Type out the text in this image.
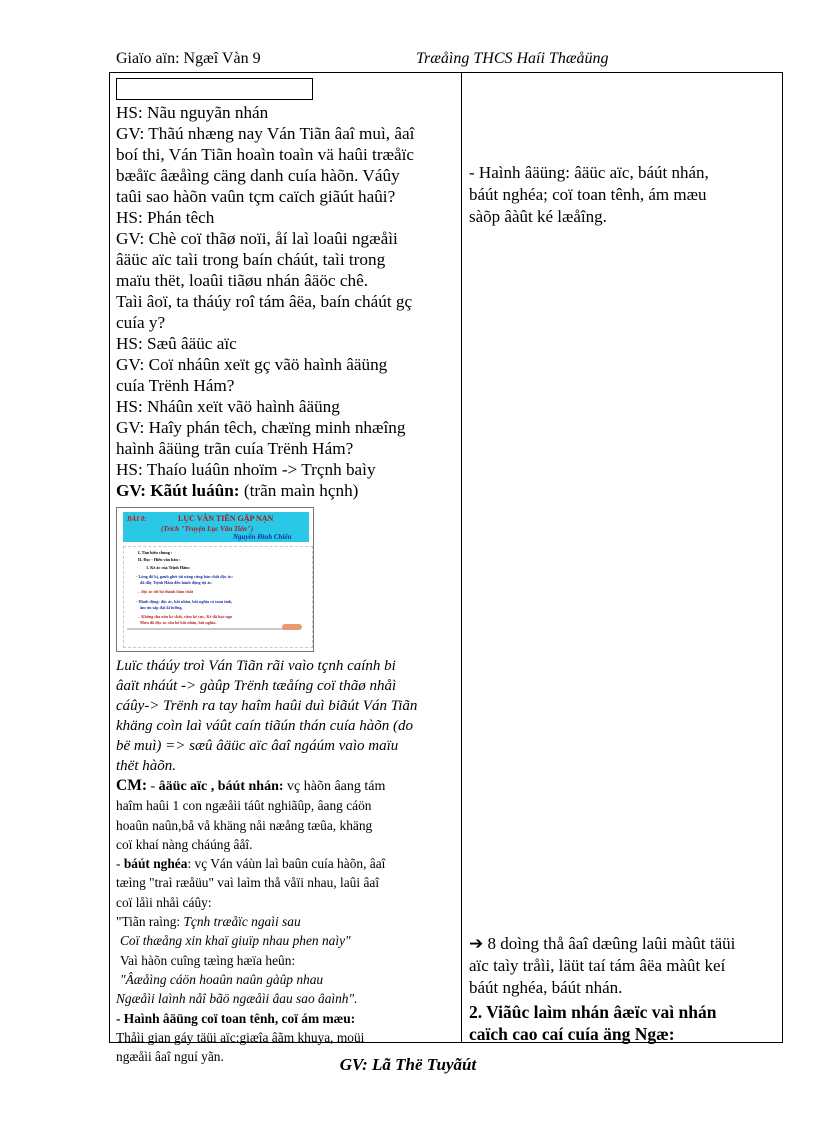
Giaïo aïn: Ngæî Vàn 9	Træåìng THCS Haíi Thæåüng
HS: Nãu nguyãn nhán
GV: Thãú nhæng nay Ván Tiãn âaî muì, âaî
boí thi, Ván Tiãn hoaìn toaìn vä haûi træåïc
bæåïc âæåìng cäng danh cuía hàõn. Váûy
taûi sao hàõn vaûn tçm caïch giãút haûi?
HS: Phán têch
GV: Chè coï thãø noïi, åí laì loaûi ngæåìi
âäüc aïc taìi trong baín cháút, taìi trong
maïu thët, loaûi tiãøu nhán âäöc chê.
Taìi âoï, ta tháúy roî tám âëa, baín cháút gç
cuía y?
HS: Sæû âäüc aïc
GV: Coï nháûn xeït gç vãö haình âäüng
cuía Trënh Hám?
HS: Nháûn xeït vãö haình âäüng
GV: Haîy phán têch, chæïng minh nhæîng
haình âäüng trãn cuía Trënh Hám?
HS: Thaío luáûn nhoïm -> Trçnh baìy
GV: Kãút luáûn: (trãn maìn hçnh)
BÀI 8:	LỤC VÂN TIÊN GẶP NẠN
(Trích "Truyện Lục Vân Tiên")
Nguyễn Đình Chiểu
I. Tìm hiểu chung :
II. Đọc - Hiểu văn bản :
1. Kẻ ác của Trịnh Hâm:
- Lòng đố kị, ganh ghét tài năng cũng bản chất độc ác:
đã dẫy Trịnh Hâm đến hành động tội ác.
→ độc ác tới bỏ thành bẩm chất
- Hành động: độc ác, bất nhân, bất nghĩa có toan tính,
âm ưu sắp đặt kĩ lưỡng.
→ Không tha nôn kẻ chất, vầm kẻ cực, Kẻ đã bạo ngơ
Mưu đồ độc ác cần bổ bất nhân, bất nghĩa.
Luïc tháúy troì Ván Tiãn rãi vaìo tçnh caính bi
âaït nháút -> gàûp Trënh tæåíng coï thãø nhåì
cáûy-> Trënh ra tay haîm haûi duì biãút Ván Tiãn
khäng coìn laì váût caín tiãún thán cuía hàõn (do
bë muì) => sæû âäüc aïc âaî ngáúm vaìo maïu
thët hàõn.
CM: - âäüc aïc , báút nhán: vç hàõn âang tám
haîm haûi 1 con ngæåìi táût nghiãûp, âang cáön
hoaûn naûn,bå vå khäng nåi næång tæûa, khäng
coï khaí nàng cháúng âåî.
- báút nghéa: vç Ván váùn laì baûn cuía hàõn, âaî
tæìng "traì ræåüu" vaì laìm thå våïi nhau, laûi âaî
coï låìi nhåì cáûy:
"Tiãn raìng: Tçnh træåïc ngaìi sau
Coï thæång xin khaï giuïp nhau phen naìy"
Vaì hàõn cuîng tæìng hæïa heûn:
"Âæåìng cáön hoaûn naûn gàûp nhau
Ngæåìi laình nåî bãö ngæåìi âau sao âaình".
- Haình âäüng coï toan tênh, coï ám mæu:
Thåìi gian gáy täüi aïc:giæîa âãm khuya, moüi
ngæåìi âaî nguí yãn.
- Haình âäüng: âäüc aïc, báút nhán,
báút nghéa; coï toan tênh, ám mæu
sàõp âàût ké læåîng.
➔ 8 doìng thå âaî dæûng laûi màût täüi
aïc taìy tråìi, läüt taí tám âëa màût keí
báút nghéa, báút nhán.
2. Viãûc laìm nhán âæïc vaì nhán
caïch cao caí cuía äng Ngæ:
GV: Lã Thë Tuyãút
